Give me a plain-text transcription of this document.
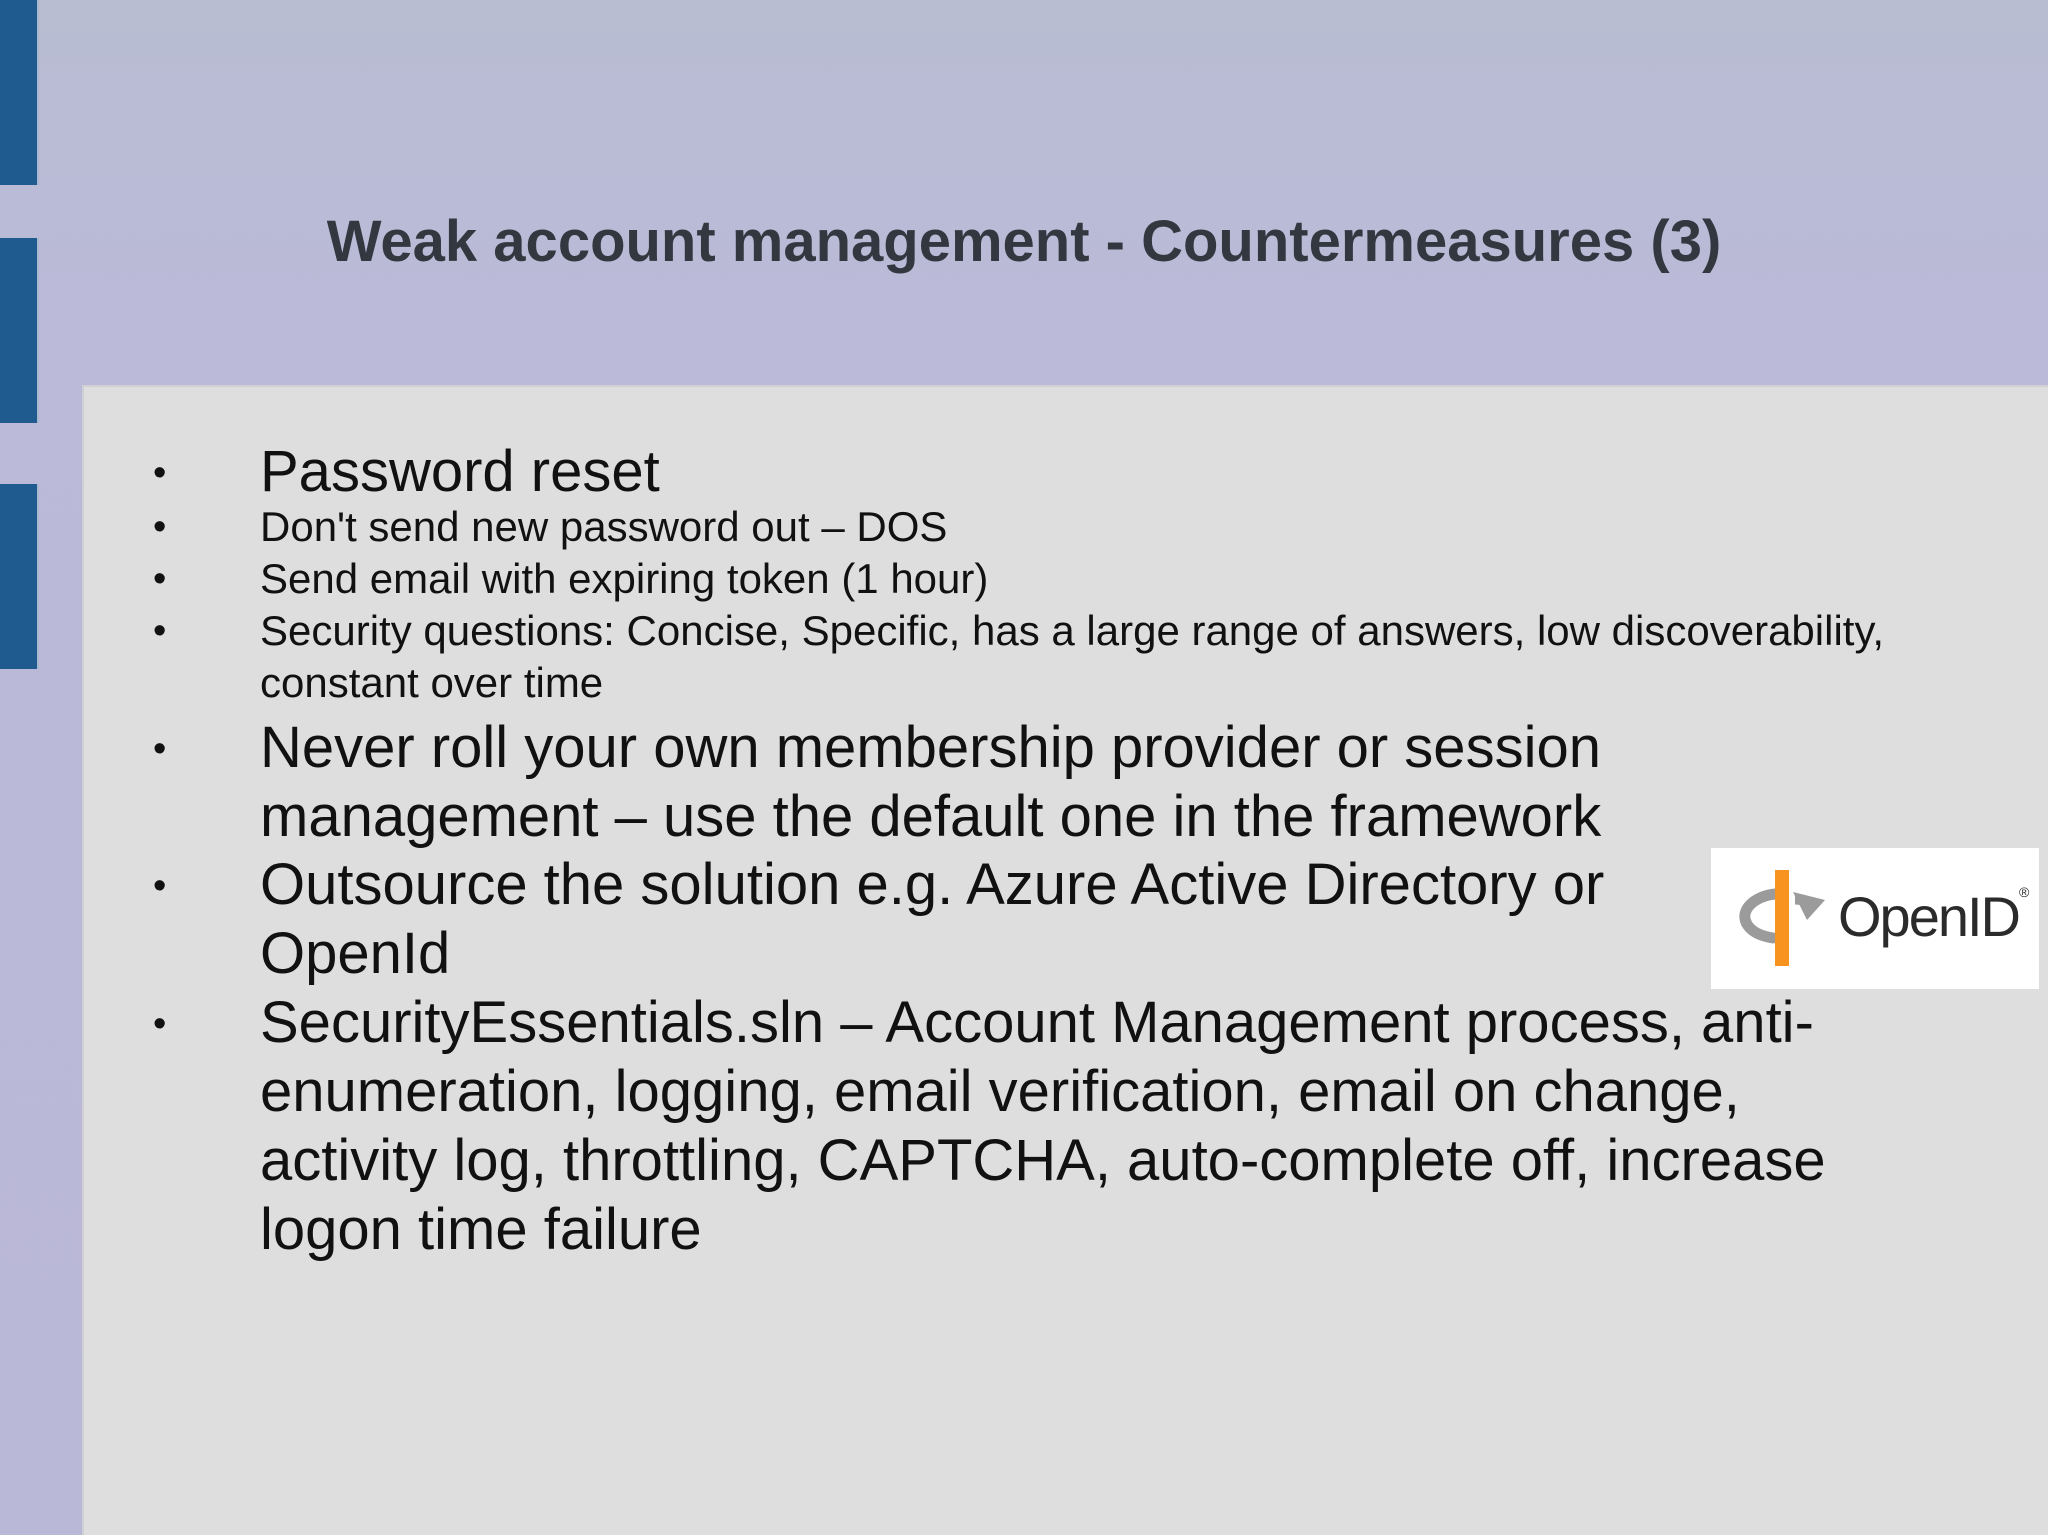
Weak account management - Countermeasures (3)
• Password reset
• Don't send new password out – DOS
• Send email with expiring token (1 hour)
• Security questions: Concise, Specific, has a large range of answers, low discoverability, constant over time
• Never roll your own membership provider or session management – use the default one in the framework
• Outsource the solution e.g. Azure Active Directory or OpenId
• SecurityEssentials.sln – Account Management process, anti-enumeration, logging, email verification, email on change, activity log, throttling, CAPTCHA, auto-complete off, increase logon time failure
OpenID®
